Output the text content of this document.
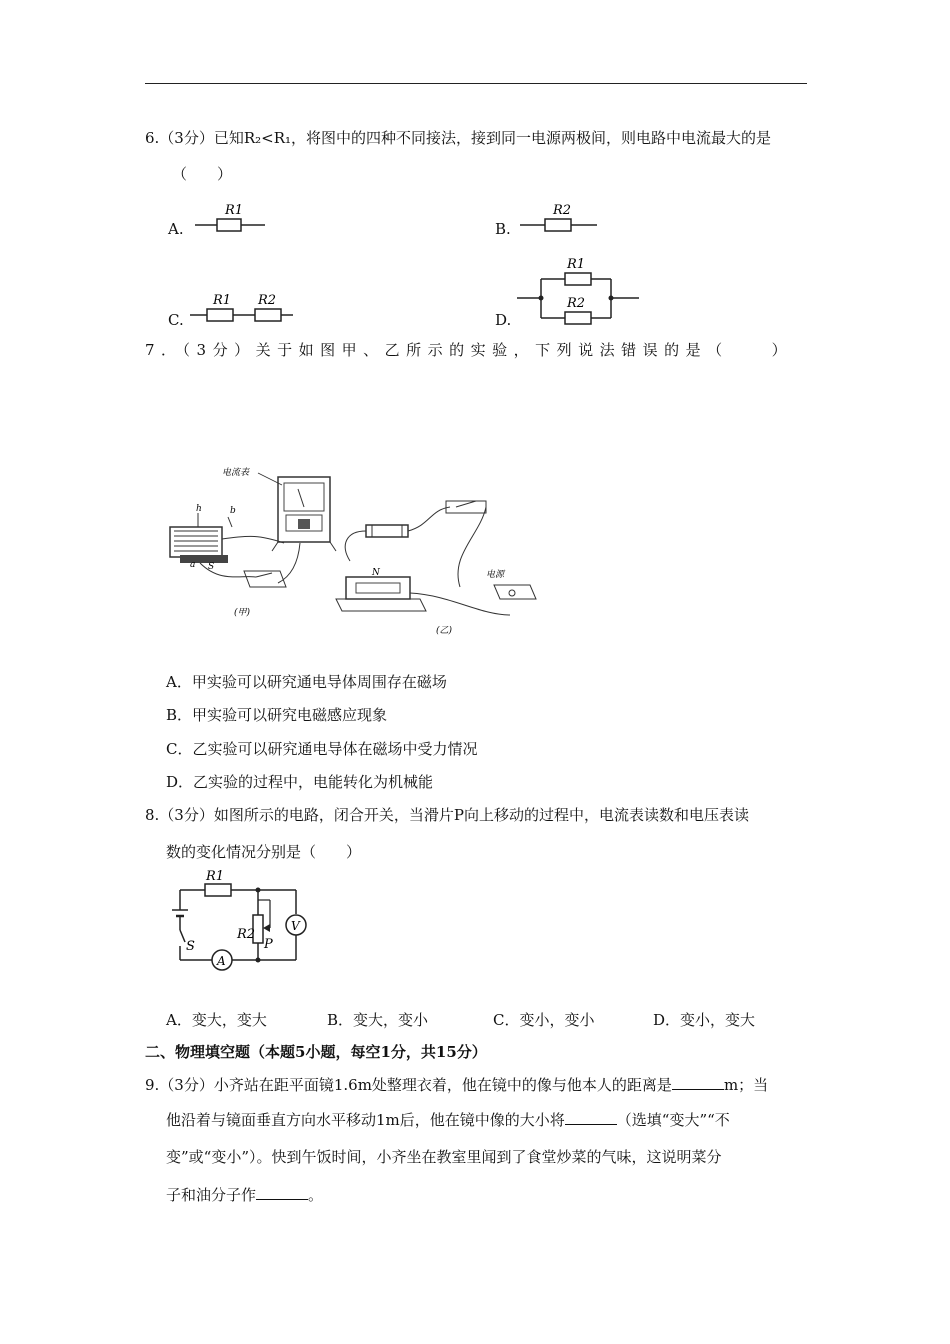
6.（3分）已知R₂<R₁，将图中的四种不同接法，接到同一电源两极间，则电路中电流最大的是
（　　）
A.
R1
B.
R2
C.
R1 R2
D.
R1
R2
7．（3分）关于如图甲、乙所示的实验，下列说法错误的是（　　）
h	b
a S
电流表
(甲)
N	电源
(乙)
A．甲实验可以研究通电导体周围存在磁场
B．甲实验可以研究电磁感应现象
C．乙实验可以研究通电导体在磁场中受力情况
D．乙实验的过程中，电能转化为机械能
8.（3分）如图所示的电路，闭合开关，当滑片P向上移动的过程中，电流表读数和电压表读
数的变化情况分别是（　　）
S
A
R2
P
V
R1
A．变大，变大	B．变大，变小	C．变小，变小	D．变小，变大
二、物理填空题（本题5小题，每空1分，共15分）
9.（3分）小齐站在距平面镜1.6m处整理衣着，他在镜中的像与他本人的距离是	m；当
他沿着与镜面垂直方向水平移动1m后，他在镜中像的大小将	（选填“变大”“不
变”或“变小”）。快到午饭时间，小齐坐在教室里闻到了食堂炒菜的气味，这说明菜分
子和油分子作	。
